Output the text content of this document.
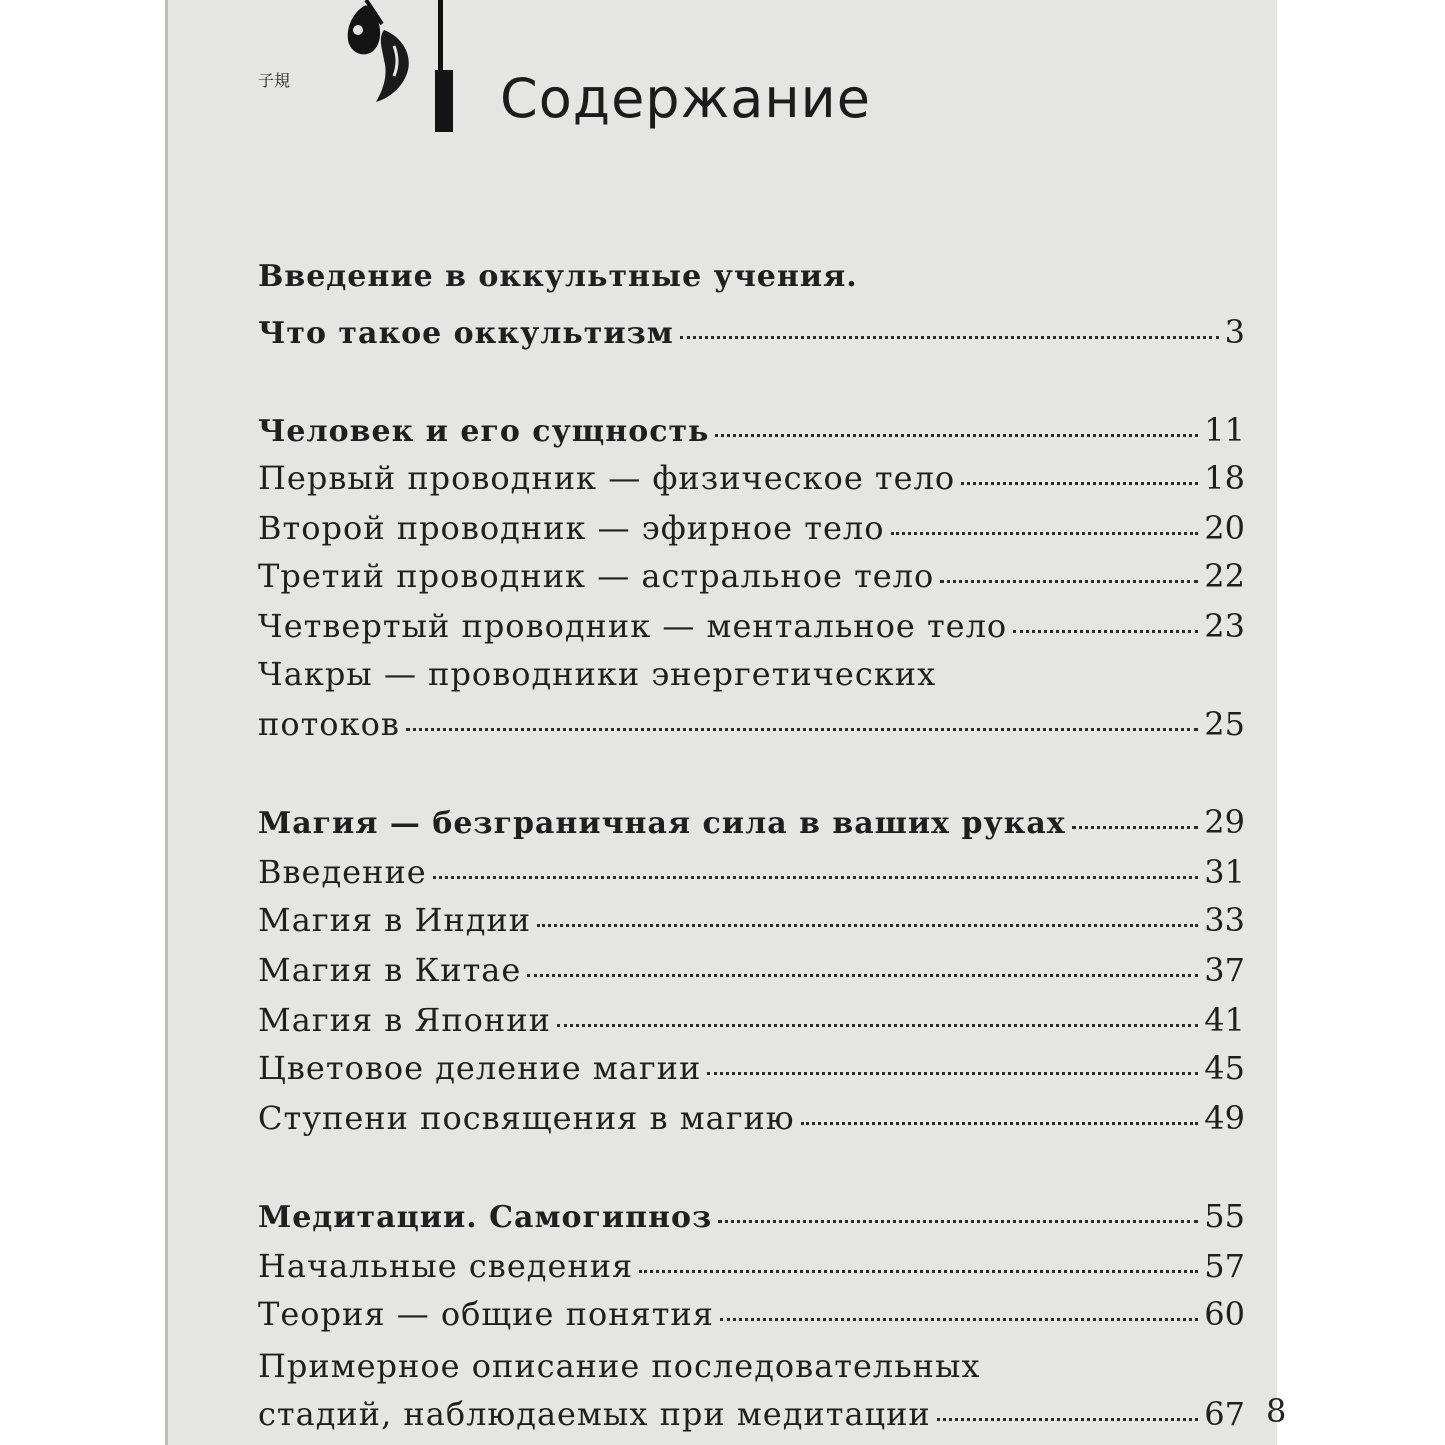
子規	Содержание
Введение в оккультные учения.
Что такое оккультизм	3
Человек и его сущность	11
Первый проводник — физическое тело	18
Второй проводник — эфирное тело	20
Третий проводник — астральное тело	22
Четвертый проводник — ментальное тело	23
Чакры — проводники энергетических
потоков	25
Магия — безграничная сила в ваших руках	29
Введение	31
Магия в Индии	33
Магия в Китае	37
Магия в Японии	41
Цветовое деление магии	45
Ступени посвящения в магию	49
Медитации. Самогипноз	55
Начальные сведения	57
Теория — общие понятия	60
Примерное описание последовательных
стадий, наблюдаемых при медитации	67 8
